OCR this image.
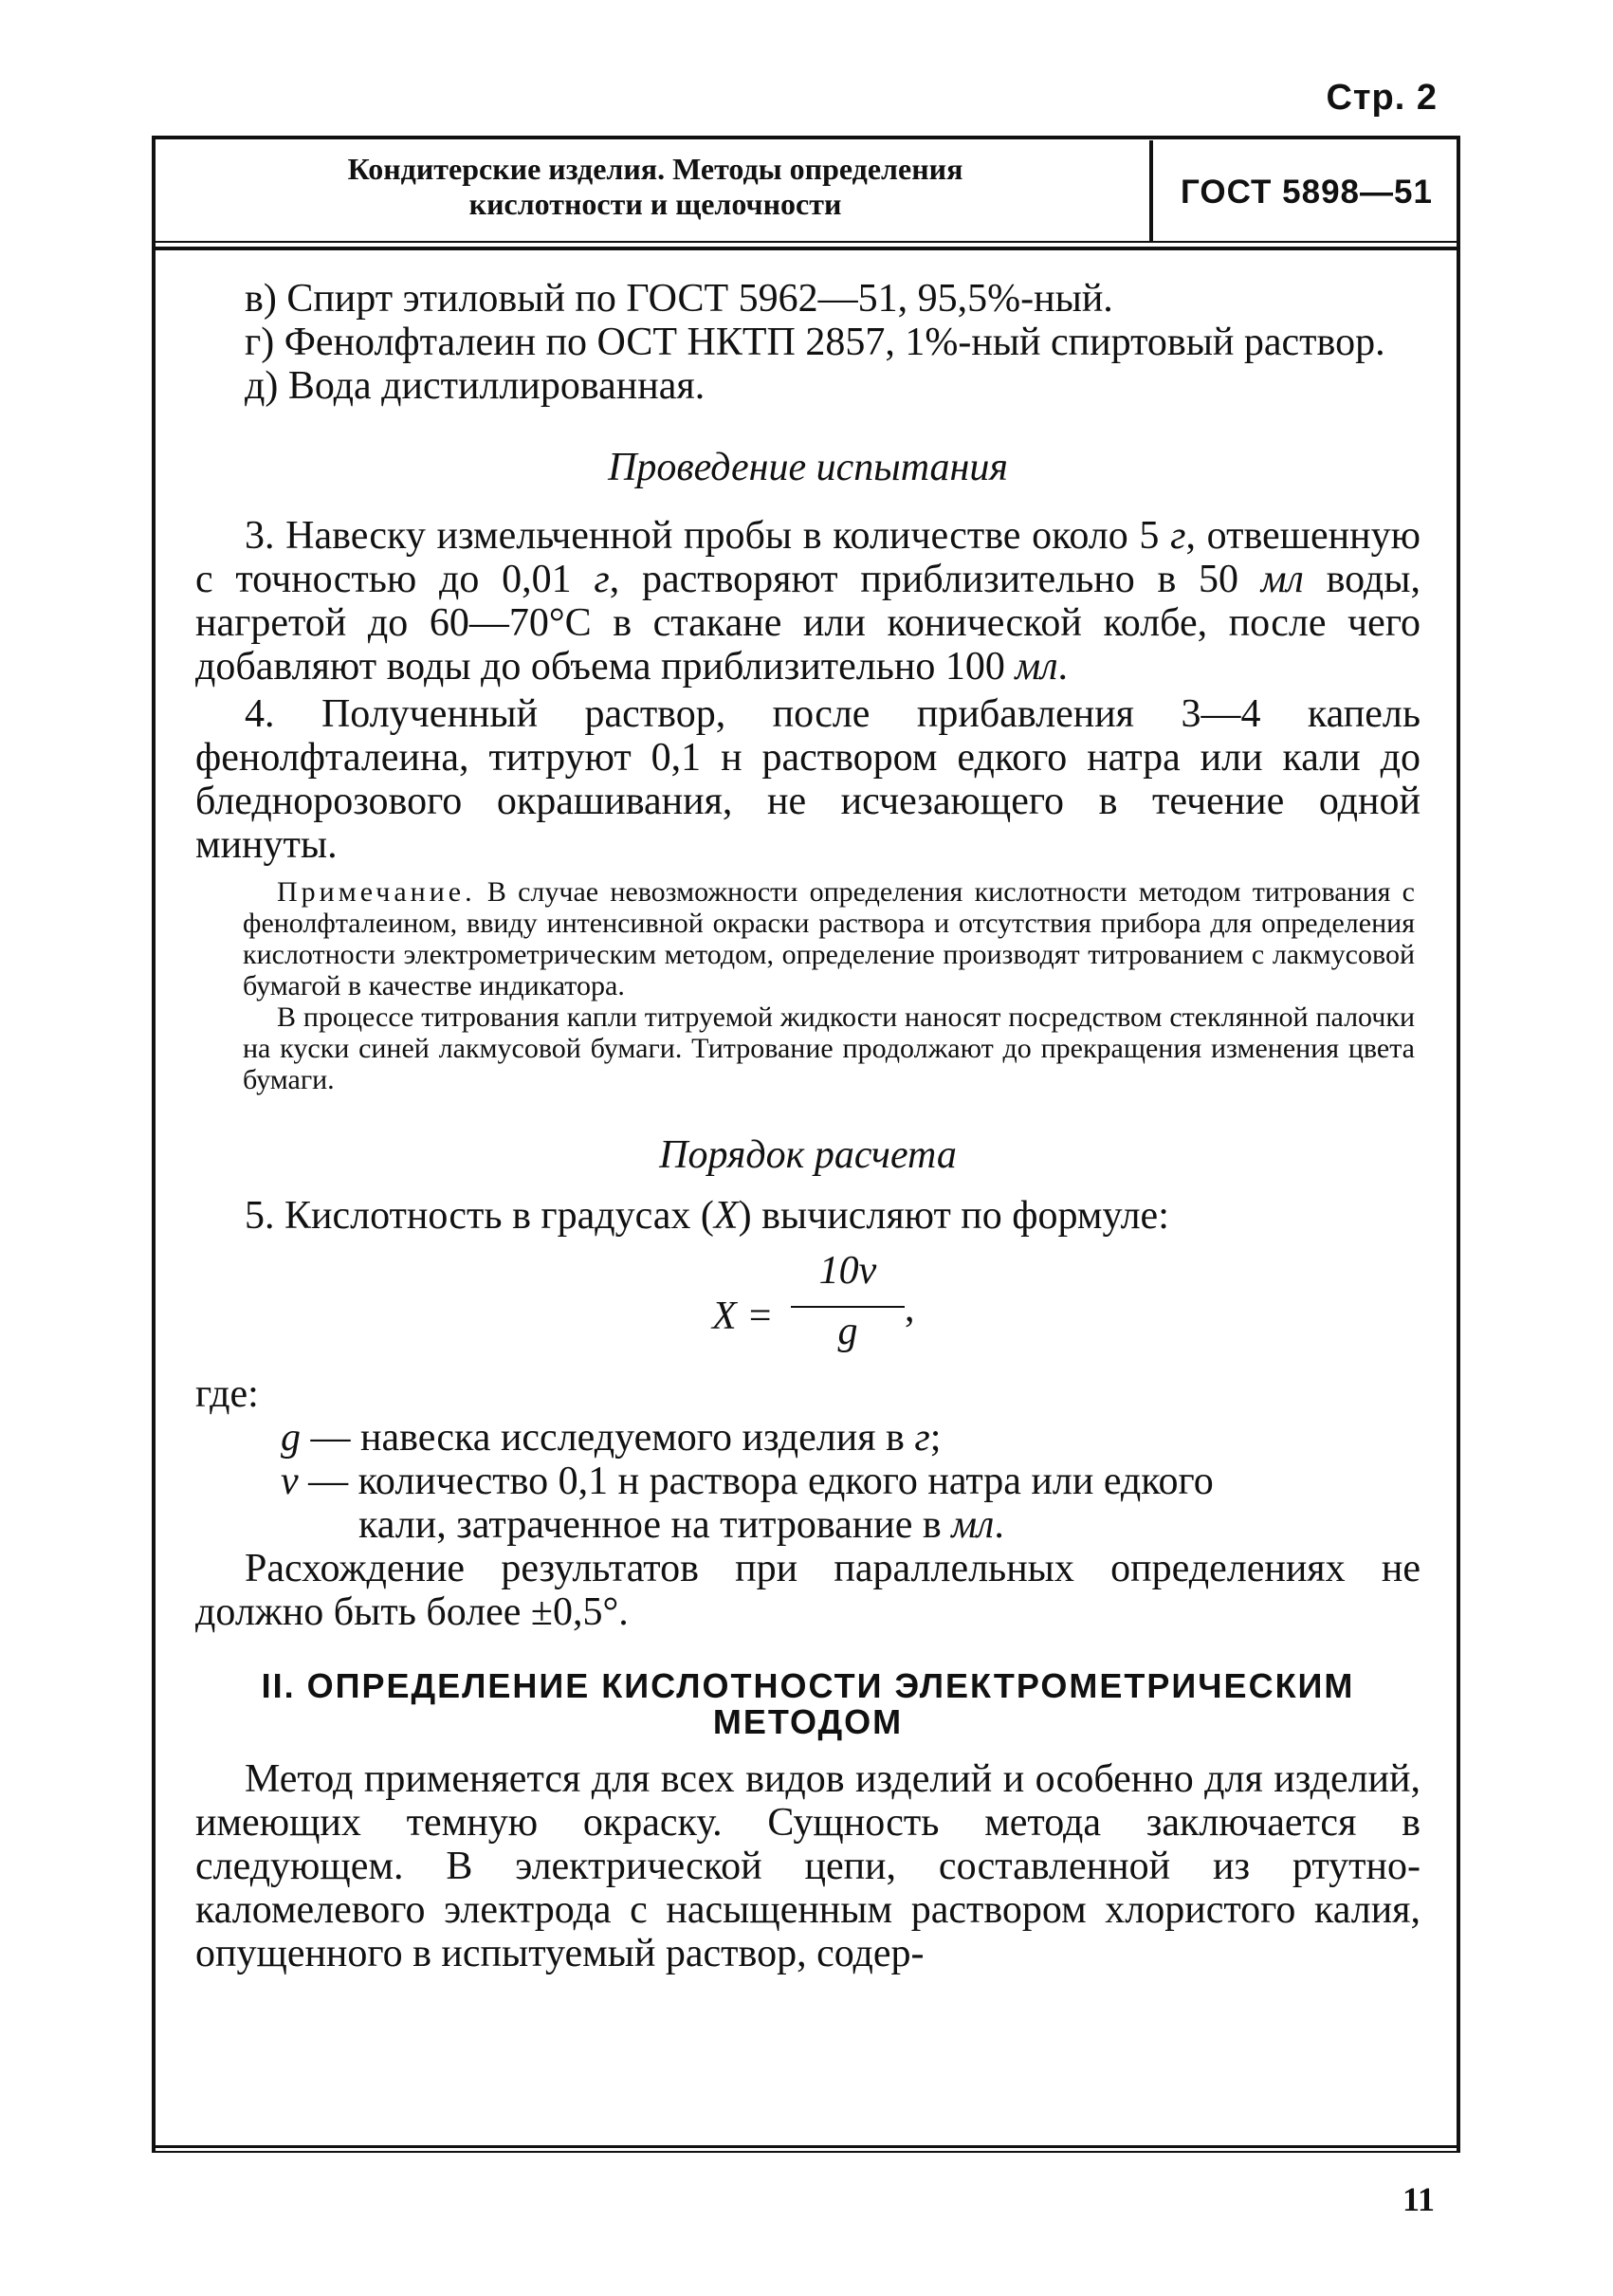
Стр. 2
Кондитерские изделия. Методы определения
кислотности и щелочности	ГОСТ 5898—51

в) Спирт этиловый по ГОСТ 5962—51, 95,5%-ный.

г) Фенолфталеин по ОСТ НКТП 2857, 1%-ный спиртовый раствор.

д) Вода дистиллированная.

Проведение испытания

3. Навеску измельченной пробы в количестве около 5 г, отвешенную с точностью до 0,01 г, растворяют приблизительно в 50 мл воды, нагретой до 60—70°С в стакане или конической колбе, после чего добавляют воды до объема приблизительно 100 мл.

4. Полученный раствор, после прибавления 3—4 капель фенолфталеина, титруют 0,1 н раствором едкого натра или кали до бледнорозового окрашивания, не исчезающего в течение одной минуты.

Примечание. В случае невозможности определения кислотности методом титрования с фенолфталеином, ввиду интенсивной окраски раствора и отсутствия прибора для определения кислотности электрометрическим методом, определение производят титрованием с лакмусовой бумагой в качестве индикатора.

В процессе титрования капли титруемой жидкости наносят посредством стеклянной палочки на куски синей лакмусовой бумаги. Титрование продолжают до прекращения изменения цвета бумаги.

Порядок расчета

5. Кислотность в градусах (X) вычисляют по формуле:

X =
10v
g
,

где:

g — навеска исследуемого изделия в г;

v — количество 0,1 н раствора едкого натра или едкого

кали, затраченное на титрование в мл.

Расхождение результатов при параллельных определениях не должно быть более ±0,5°.

II. ОПРЕДЕЛЕНИЕ КИСЛОТНОСТИ ЭЛЕКТРОМЕТРИЧЕСКИМ МЕТОДОМ

Метод применяется для всех видов изделий и особенно для изделий, имеющих темную окраску. Сущность метода заключается в следующем. В электрической цепи, составленной из ртутно-каломелевого электрода с насыщенным раствором хлористого калия, опущенного в испытуемый раствор, содер-

11
